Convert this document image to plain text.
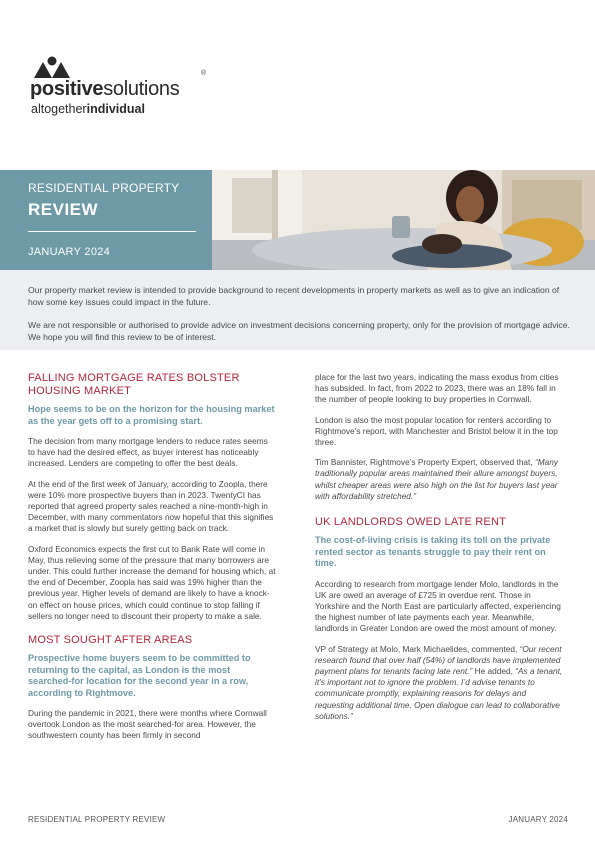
positivesolutions
®
altogetherindividual
RESIDENTIAL PROPERTY
REVIEW
JANUARY 2024

Our property market review is intended to provide background to recent developments in property markets as well as to give an indication of how some key issues could impact in the future.

We are not responsible or authorised to provide advice on investment decisions concerning property, only for the provision of mortgage advice. We hope you will find this review to be of interest.

FALLING MORTGAGE RATES BOLSTER HOUSING MARKET

Hope seems to be on the horizon for the housing market as the year gets off to a promising start.

The decision from many mortgage lenders to reduce rates seems to have had the desired effect, as buyer interest has noticeably increased. Lenders are competing to offer the best deals.

At the end of the first week of January, according to Zoopla, there were 10% more prospective buyers than in 2023. TwentyCI has reported that agreed property sales reached a nine-month-high in December, with many commentators now hopeful that this signifies a market that is slowly but surely getting back on track.

Oxford Economics expects the first cut to Bank Rate will come in May, thus relieving some of the pressure that many borrowers are under. This could further increase the demand for housing which, at the end of December, Zoopla has said was 19% higher than the previous year. Higher levels of demand are likely to have a knock-on effect on house prices, which could continue to stop falling if sellers no longer need to discount their property to make a sale.

MOST SOUGHT AFTER AREAS

Prospective home buyers seem to be committed to returning to the capital, as London is the most searched-for location for the second year in a row, according to Rightmove.

During the pandemic in 2021, there were months where Cornwall overtook London as the most searched-for area. However, the southwestern county has been firmly in second

place for the last two years, indicating the mass exodus from cities has subsided. In fact, from 2022 to 2023, there was an 18% fall in the number of people looking to buy properties in Cornwall.

London is also the most popular location for renters according to Rightmove’s report, with Manchester and Bristol below it in the top three.

Tim Bannister, Rightmove’s Property Expert, observed that, “Many traditionally popular areas maintained their allure amongst buyers, whilst cheaper areas were also high on the list for buyers last year with affordability stretched.”

UK LANDLORDS OWED LATE RENT

The cost-of-living crisis is taking its toll on the private rented sector as tenants struggle to pay their rent on time.

According to research from mortgage lender Molo, landlords in the UK are owed an average of £725 in overdue rent. Those in Yorkshire and the North East are particularly affected, experiencing the highest number of late payments each year. Meanwhile, landlords in Greater London are owed the most amount of money.

VP of Strategy at Molo, Mark Michaelides, commented, “Our recent research found that over half (54%) of landlords have implemented payment plans for tenants facing late rent.” He added, “As a tenant, it’s important not to ignore the problem. I’d advise tenants to communicate promptly, explaining reasons for delays and requesting additional time. Open dialogue can lead to collaborative solutions.”

RESIDENTIAL PROPERTY REVIEW	JANUARY 2024
